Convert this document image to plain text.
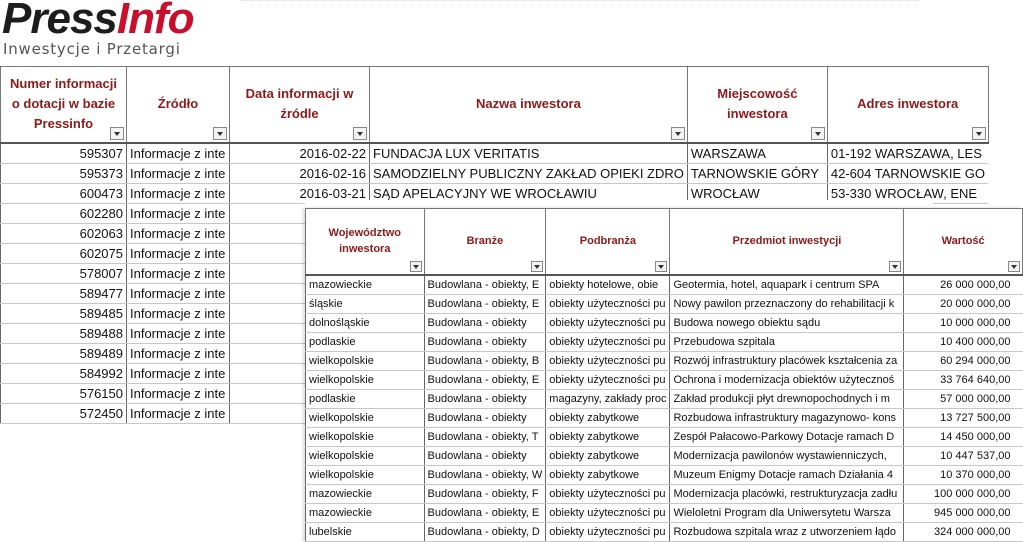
PressInfo
Inwestycje i Przetargi
Numer informacji o dotacji w bazie Pressinfo	Źródło	Data informacji w źródle	Nazwa inwestora	Miejscowość inwestora	Adres inwestora

595307	Informacje z inte	2016-02-22	FUNDACJA LUX VERITATIS	WARSZAWA	01-192 WARSZAWA, LES
595373	Informacje z inte	2016-02-16	SAMODZIELNY PUBLICZNY ZAKŁAD OPIEKI ZDRO	TARNOWSKIE GÓRY	42-604 TARNOWSKIE GO
600473	Informacje z inte	2016-03-21	SĄD APELACYJNY WE WROCŁAWIU	WROCŁAW	53-330 WROCŁAW, ENE
602280	Informacje z inte				
602063	Informacje z inte				
602075	Informacje z inte				
578007	Informacje z inte				
589477	Informacje z inte				
589485	Informacje z inte				
589488	Informacje z inte				
589489	Informacje z inte				
584992	Informacje z inte				
576150	Informacje z inte				
572450	Informacje z inte				
Województwo inwestora	Branże	Podbranża	Przedmiot inwestycji	Wartość

mazowieckie	Budowlana - obiekty, E	obiekty hotelowe, obie	Geotermia, hotel, aquapark i centrum SPA	26 000 000,00
śląskie	Budowlana - obiekty, E	obiekty użyteczności pu	Nowy pawilon przeznaczony do rehabilitacji k	20 000 000,00
dolnośląskie	Budowlana - obiekty	obiekty użyteczności pu	Budowa nowego obiektu sądu	10 000 000,00
podlaskie	Budowlana - obiekty	obiekty użyteczności pu	Przebudowa szpitala	10 400 000,00
wielkopolskie	Budowlana - obiekty, B	obiekty użyteczności pu	Rozwój infrastruktury placówek kształcenia za	60 294 000,00
wielkopolskie	Budowlana - obiekty, E	obiekty użyteczności pu	Ochrona i modernizacja obiektów użytecznoś	33 764 640,00
podlaskie	Budowlana - obiekty	magazyny, zakłady proc	Zakład produkcji płyt drewnopochodnych i m	57 000 000,00
wielkopolskie	Budowlana - obiekty	obiekty zabytkowe	Rozbudowa infrastruktury magazynowo- kons	13 727 500,00
wielkopolskie	Budowlana - obiekty, T	obiekty zabytkowe	Zespół Pałacowo-Parkowy Dotacje ramach D	14 450 000,00
wielkopolskie	Budowlana - obiekty	obiekty zabytkowe	Modernizacja pawilonów wystawienniczych,	10 447 537,00
wielkopolskie	Budowlana - obiekty, W	obiekty zabytkowe	Muzeum Enigmy Dotacje ramach Działania 4	10 370 000,00
mazowieckie	Budowlana - obiekty, F	obiekty użyteczności pu	Modernizacja placówki, restrukturyzacja zadłu	100 000 000,00
mazowieckie	Budowlana - obiekty, E	obiekty użyteczności pu	Wieloletni Program dla Uniwersytetu Warsza	945 000 000,00
lubelskie	Budowlana - obiekty, D	obiekty użyteczności pu	Rozbudowa szpitala wraz z utworzeniem łądo	324 000 000,00
